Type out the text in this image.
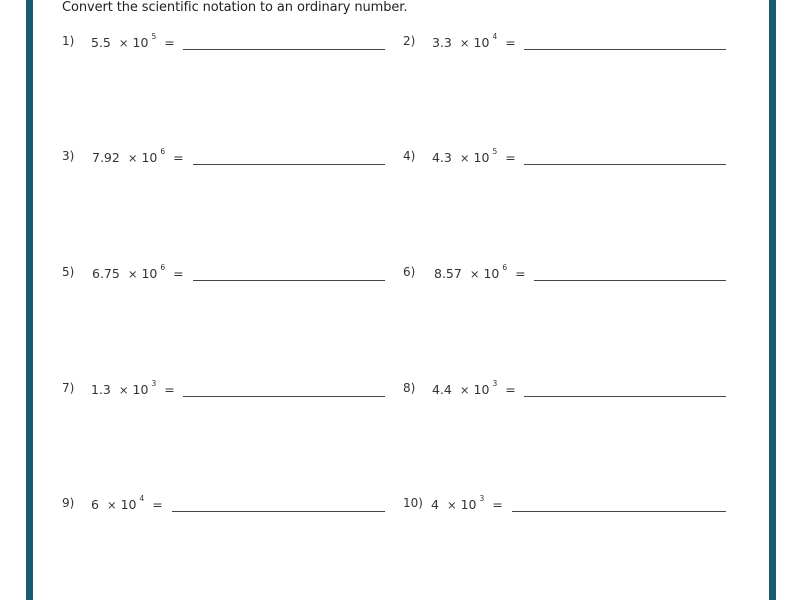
Convert the scientific notation to an ordinary number.
1) 5.5 × 10 5 =	2) 3.3 × 10 4 =
3) 7.92 × 10 6 =	4) 4.3 × 10 5 =
5) 6.75 × 10 6 =	6) 8.57 × 10 6 =
7) 1.3 × 10 3 =	8) 4.4 × 10 3 =
9) 6 × 10 4 =	10) 4 × 10 3 =
